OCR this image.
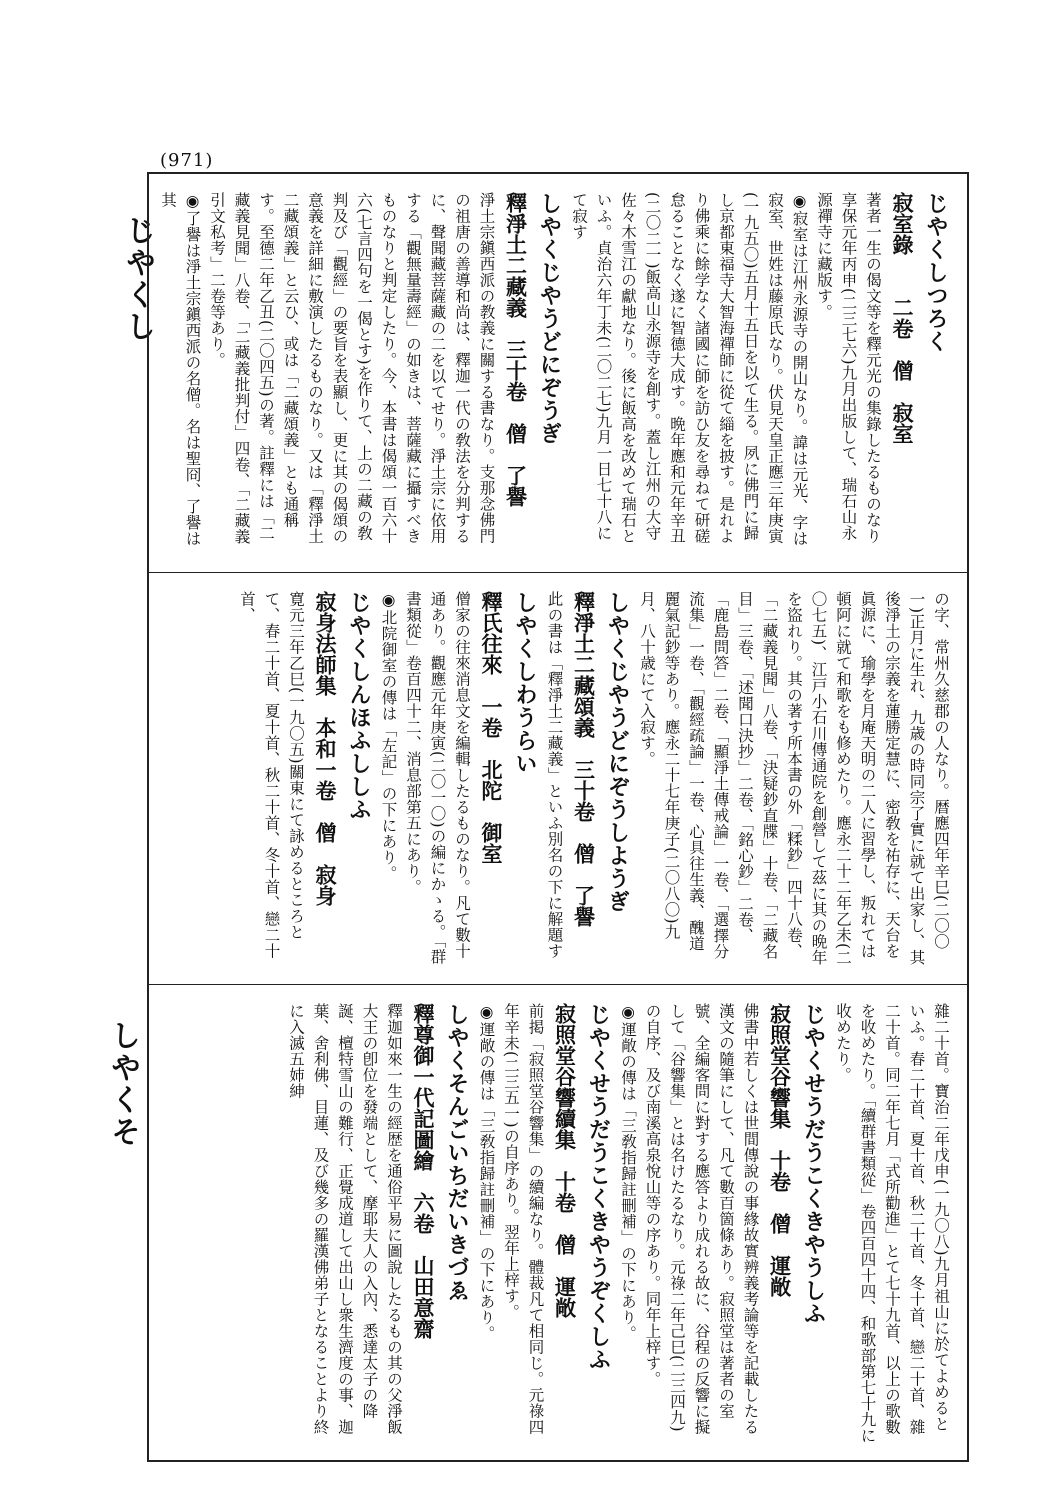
(971)
じやくし
しやくそ
じやくしつろく
寂室錄　　二卷　僧　寂室
著者一生の偈文等を釋元光の集錄したるものなり享保元年丙申(二三七六)九月出版して、瑞石山永源禪寺に藏版す。
◉寂室は江州永源寺の開山なり。諱は元光、字は寂室、世姓は藤原氏なり。伏見天皇正應三年庚寅(一九五〇)五月十五日を以て生る。夙に佛門に歸し京都東福寺大智海禪師に從て緇を披す。是れより佛乘に餘学なく諸國に師を訪ひ友を尋ねて研磋怠ることなく遂に智德大成す。晩年應和元年辛丑(二〇二一)飯高山永源寺を創す。蓋し江州の大守佐々木雪江の獻地なり。後に飯高を改めて瑞石といふ。貞治六年丁未(二〇二七)九月一日七十八にて寂す
しやくじやうどにぞうぎ
釋淨土二藏義　三十卷　僧　了譽
淨土宗鎭西派の教義に關する書なり。支那念佛門の祖唐の善導和尚は、釋迦一代の敎法を分判するに、聲聞藏菩薩藏の二を以てせり。淨土宗に依用する「觀無量壽經」の如きは、菩薩藏に攝すべきものなりと判定したり。今、本書は偈頌一百六十六(七言四句を一偈とす)を作りて、上の二藏の敎判及び「觀經」の要旨を表顯し、更に其の偈頌の意義を詳細に敷演したるものなり。又は「釋淨土二藏頌義」と云ひ、或は「二藏頌義」とも通稱す。至德二年乙丑(二〇四五)の著。註釋には「二藏義見聞」八卷、「二藏義批判付」四卷、「二藏義引文私考」二卷等あり。
◉了譽は淨土宗鎭西派の名僧。名は聖冏、了譽は其
の字、常州久慈郡の人なり。暦應四年辛巳(二〇〇一)正月に生れ、九歳の時同宗了實に就て出家し、其後淨土の宗義を蓮勝定慧に、密敎を祐存に、天台を眞源に、瑜學を月庵天明の二人に習學し、叛れては頓阿に就て和歌をも修めたり。應永二十二年乙未(二〇七五)、江戸小石川傳通院を創營して茲に其の晩年を盜れり。其の著す所本書の外「糅鈔」四十八卷、「二藏義見聞」八卷、「決疑鈔直牒」十卷、「二藏名目」三卷、「述聞口決抄」二卷、「銘心鈔」二卷、「鹿島問答」二卷、「顯淨土傳戒論」一卷、「選擇分流集」一卷、「觀經疏論」一卷、心具往生義、醜道麗氣記鈔等あり。應永二十七年庚子(二〇八〇)九月、八十歳にて入寂す。
しやくじやうどにぞうしようぎ
釋淨土二藏頌義　三十卷　僧　了譽
此の書は「釋淨土二藏義」といふ別名の下に解題す
しやくしわうらい
釋氏往來　一卷　北陀　御室
僧家の往來消息文を編輯したるものなり。凡て數十通あり。觀應元年庚寅(二〇一〇)の編にかゝる。「群書類從」卷百四十二、消息部第五にあり。
◉北院御室の傳は「左記」の下にあり。
じやくしんほふししふ
寂身法師集　本和一卷　僧　寂身
寛元三年乙巳(一九〇五)關東にて詠めるところとて、春二十首、夏十首、秋二十首、冬十首、戀二十首、
雜二十首。寶治二年戊申(一九〇八)九月祖山に於てよめるといふ。春二十首、夏十首、秋二十首、冬十首、戀二十首、雜二十首。同二年七月「式所勸進」とて七十九首、以上の歌數を收めたり。「續群書類從」卷四百四十四、和歌部第七十九に收めたり。
じやくせうだうこくきやうしふ
寂照堂谷響集　十卷　僧　運敞
佛書中若しくは世間傳說の事緣故實辨義考論等を記載したる漢文の隨筆にして、凡て數百箇條あり。寂照堂は著者の室號、全編客問に對する應答より成れる故に、谷程の反響に擬して「谷響集」とは名けたるなり。元祿二年己巳(二三四九)の自序、及び南溪高泉悅山等の序あり。同年上梓す。
◉運敞の傳は「三敎指歸註刪補」の下にあり。
じやくせうだうこくきやうぞくしふ
寂照堂谷響續集　十卷　僧　運敞
前掲「寂照堂谷響集」の續編なり。體裁凡て相同じ。元祿四年辛未(二三五一)の自序あり。翌年上梓す。
◉運敞の傳は「三敎指歸註刪補」の下にあり。
しやくそんごいちだいきづゑ
釋尊御一代記圖繪　六卷　山田意齋
釋迦如來一生の經歴を通俗平易に圖說したるもの其の父淨飯大王の卽位を發端として、摩耶夫人の入內、悉達太子の降誕、檀特雪山の難行、正覺成道して出山し衆生濟度の事、迦葉、舍利佛、目蓮、及び幾多の羅漢佛弟子となることより終に入滅五姉紳
